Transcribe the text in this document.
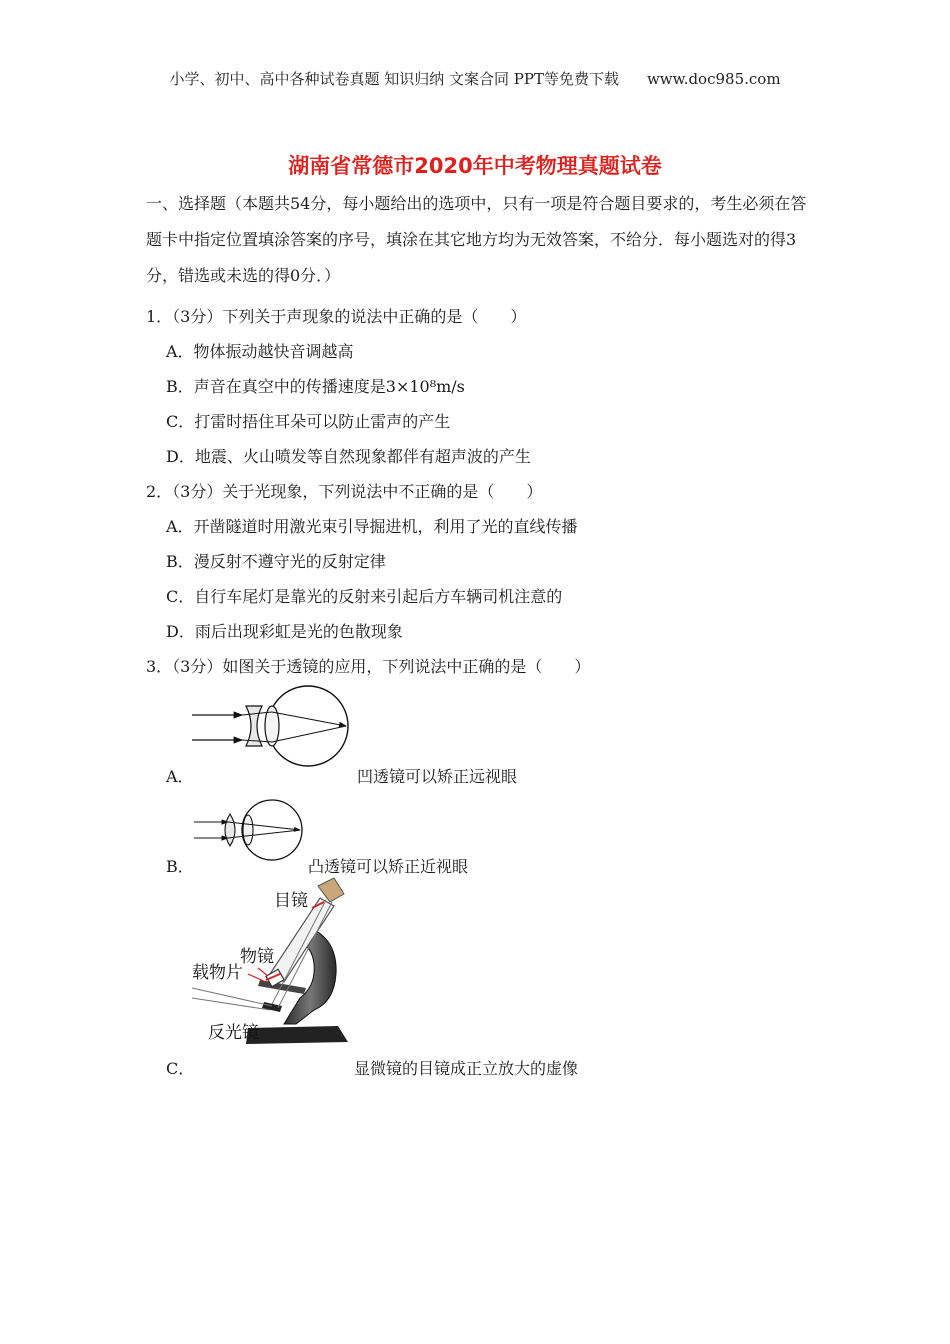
小学、初中、高中各种试卷真题 知识归纳 文案合同 PPT等免费下载 www.doc985.com
湖南省常德市2020年中考物理真题试卷
一、选择题（本题共54分，每小题给出的选项中，只有一项是符合题目要求的，考生必须在答题卡中指定位置填涂答案的序号，填涂在其它地方均为无效答案，不给分．每小题选对的得3分，错选或未选的得0分．）
1．（3分）下列关于声现象的说法中正确的是（　　）
A．物体振动越快音调越高
B．声音在真空中的传播速度是3×10⁸m/s
C．打雷时捂住耳朵可以防止雷声的产生
D．地震、火山喷发等自然现象都伴有超声波的产生
2．（3分）关于光现象，下列说法中不正确的是（　　）
A．开凿隧道时用激光束引导掘进机，利用了光的直线传播
B．漫反射不遵守光的反射定律
C．自行车尾灯是靠光的反射来引起后方车辆司机注意的
D．雨后出现彩虹是光的色散现象
3．（3分）如图关于透镜的应用，下列说法中正确的是（　　）
A．	凹透镜可以矫正远视眼
B．	凸透镜可以矫正近视眼
目镜
物镜
载物片
反光镜
C．	显微镜的目镜成正立放大的虚像
